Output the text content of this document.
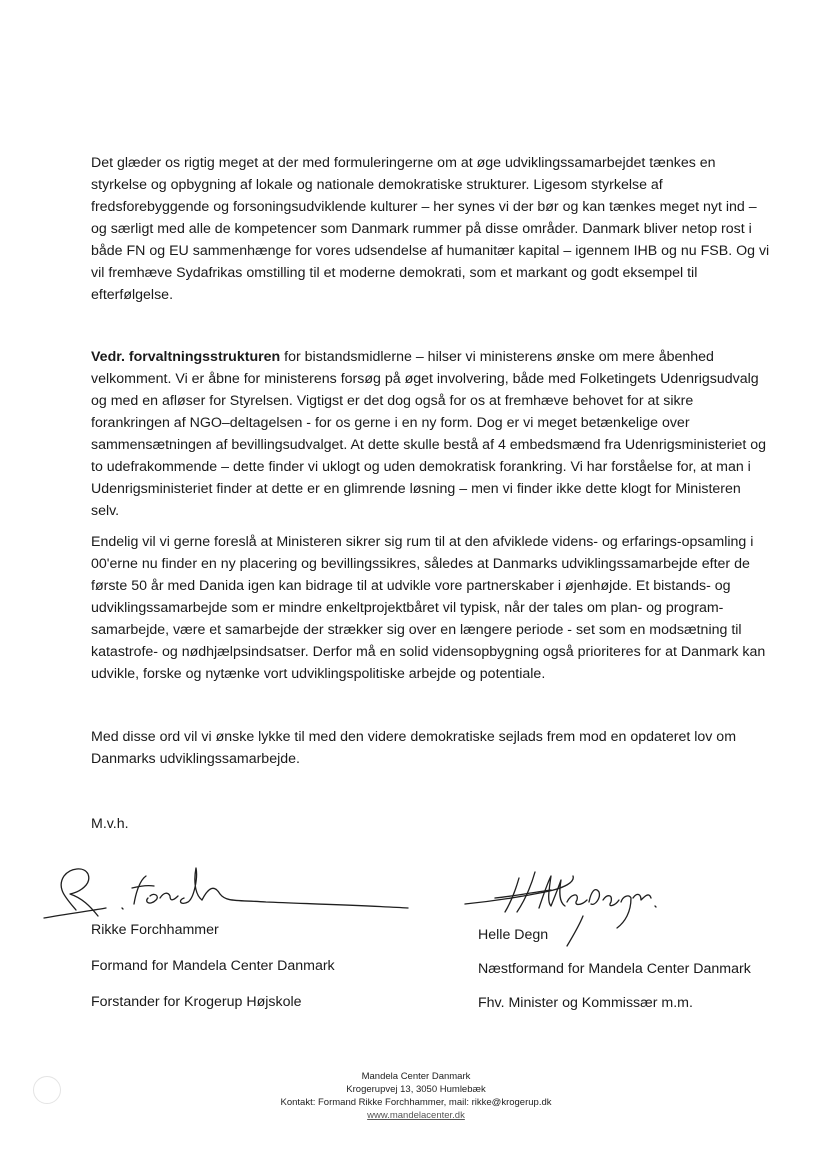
Det glæder os rigtig meget at der med formuleringerne om at øge udviklingssamarbejdet tænkes en
styrkelse og opbygning af lokale og nationale demokratiske strukturer. Ligesom styrkelse af
fredsforebyggende og forsoningsudviklende kulturer – her synes vi der bør og kan tænkes meget nyt ind –
og særligt med alle de kompetencer som Danmark rummer på disse områder. Danmark bliver netop rost i
både FN og EU sammenhænge for vores udsendelse af humanitær kapital – igennem IHB og nu FSB. Og vi
vil fremhæve Sydafrikas omstilling til et moderne demokrati, som et markant og godt eksempel til
efterfølgelse.

Vedr. forvaltningsstrukturen for bistandsmidlerne – hilser vi ministerens ønske om mere åbenhed
velkomment. Vi er åbne for ministerens forsøg på øget involvering, både med Folketingets Udenrigsudvalg
og med en afløser for Styrelsen. Vigtigst er det dog også for os at fremhæve behovet for at sikre
forankringen af NGO–deltagelsen - for os gerne i en ny form. Dog er vi meget betænkelige over
sammensætningen af bevillingsudvalget. At dette skulle bestå af 4 embedsmænd fra Udenrigsministeriet og
to udefrakommende – dette finder vi uklogt og uden demokratisk forankring. Vi har forståelse for, at man i
Udenrigsministeriet finder at dette er en glimrende løsning – men vi finder ikke dette klogt for Ministeren
selv.

Endelig vil vi gerne foreslå at Ministeren sikrer sig rum til at den afviklede videns- og erfarings-opsamling i
00'erne nu finder en ny placering og bevillingssikres, således at Danmarks udviklingssamarbejde efter de
første 50 år med Danida igen kan bidrage til at udvikle vore partnerskaber i øjenhøjde. Et bistands- og
udviklingssamarbejde som er mindre enkeltprojektbåret vil typisk, når der tales om plan- og program-
samarbejde, være et samarbejde der strækker sig over en længere periode - set som en modsætning til
katastrofe- og nødhjælpsindsatser. Derfor må en solid vidensopbygning også prioriteres for at Danmark kan
udvikle, forske og nytænke vort udviklingspolitiske arbejde og potentiale.

Med disse ord vil vi ønske lykke til med den videre demokratiske sejlads frem mod en opdateret lov om
Danmarks udviklingssamarbejde.

M.v.h.
Rikke Forchhammer
Formand for Mandela Center Danmark
Forstander for Krogerup Højskole
Helle Degn
Næstformand for Mandela Center Danmark
Fhv. Minister og Kommissær m.m.
Mandela Center Danmark
Krogerupvej 13, 3050 Humlebæk
Kontakt: Formand Rikke Forchhammer, mail: rikke@krogerup.dk
www.mandelacenter.dk
